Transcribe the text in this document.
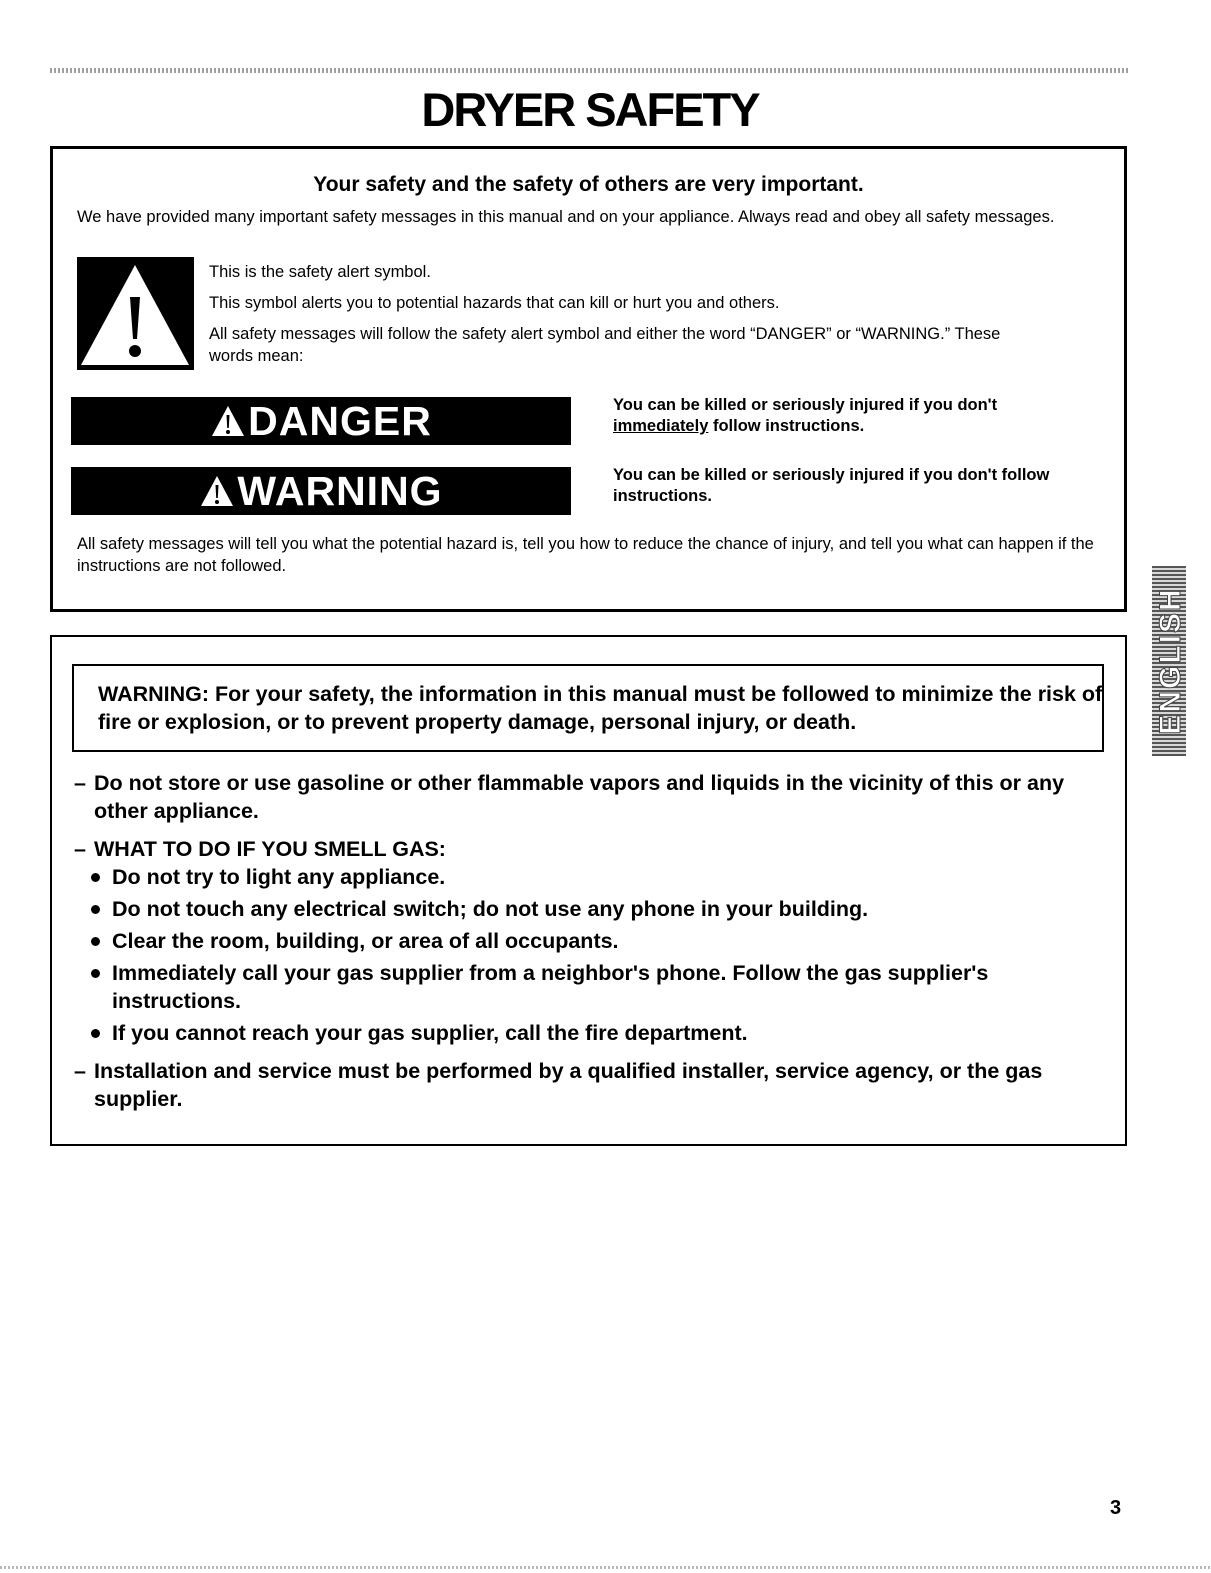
DRYER SAFETY
Your safety and the safety of others are very important.
We have provided many important safety messages in this manual and on your appliance. Always read and obey all safety messages.

This is the safety alert symbol.

This symbol alerts you to potential hazards that can kill or hurt you and others.

All safety messages will follow the safety alert symbol and either the word “DANGER” or “WARNING.” These words mean:

DANGER	You can be killed or seriously injured if you don't
immediately follow instructions.
WARNING	You can be killed or seriously injured if you don't follow instructions.
All safety messages will tell you what the potential hazard is, tell you how to reduce the chance of injury, and tell you what can happen if the instructions are not followed.
WARNING: For your safety, the information in this manual must be followed to minimize the risk of fire or explosion, or to prevent property damage, personal injury, or death.
– Do not store or use gasoline or other flammable vapors and liquids in the vicinity of this or any other appliance.
– WHAT TO DO IF YOU SMELL GAS:
Do not try to light any appliance.
Do not touch any electrical switch; do not use any phone in your building.
Clear the room, building, or area of all occupants.
Immediately call your gas supplier from a neighbor's phone. Follow the gas supplier's instructions.
If you cannot reach your gas supplier, call the fire department.
– Installation and service must be performed by a qualified installer, service agency, or the gas supplier.
ENGLISH
3
